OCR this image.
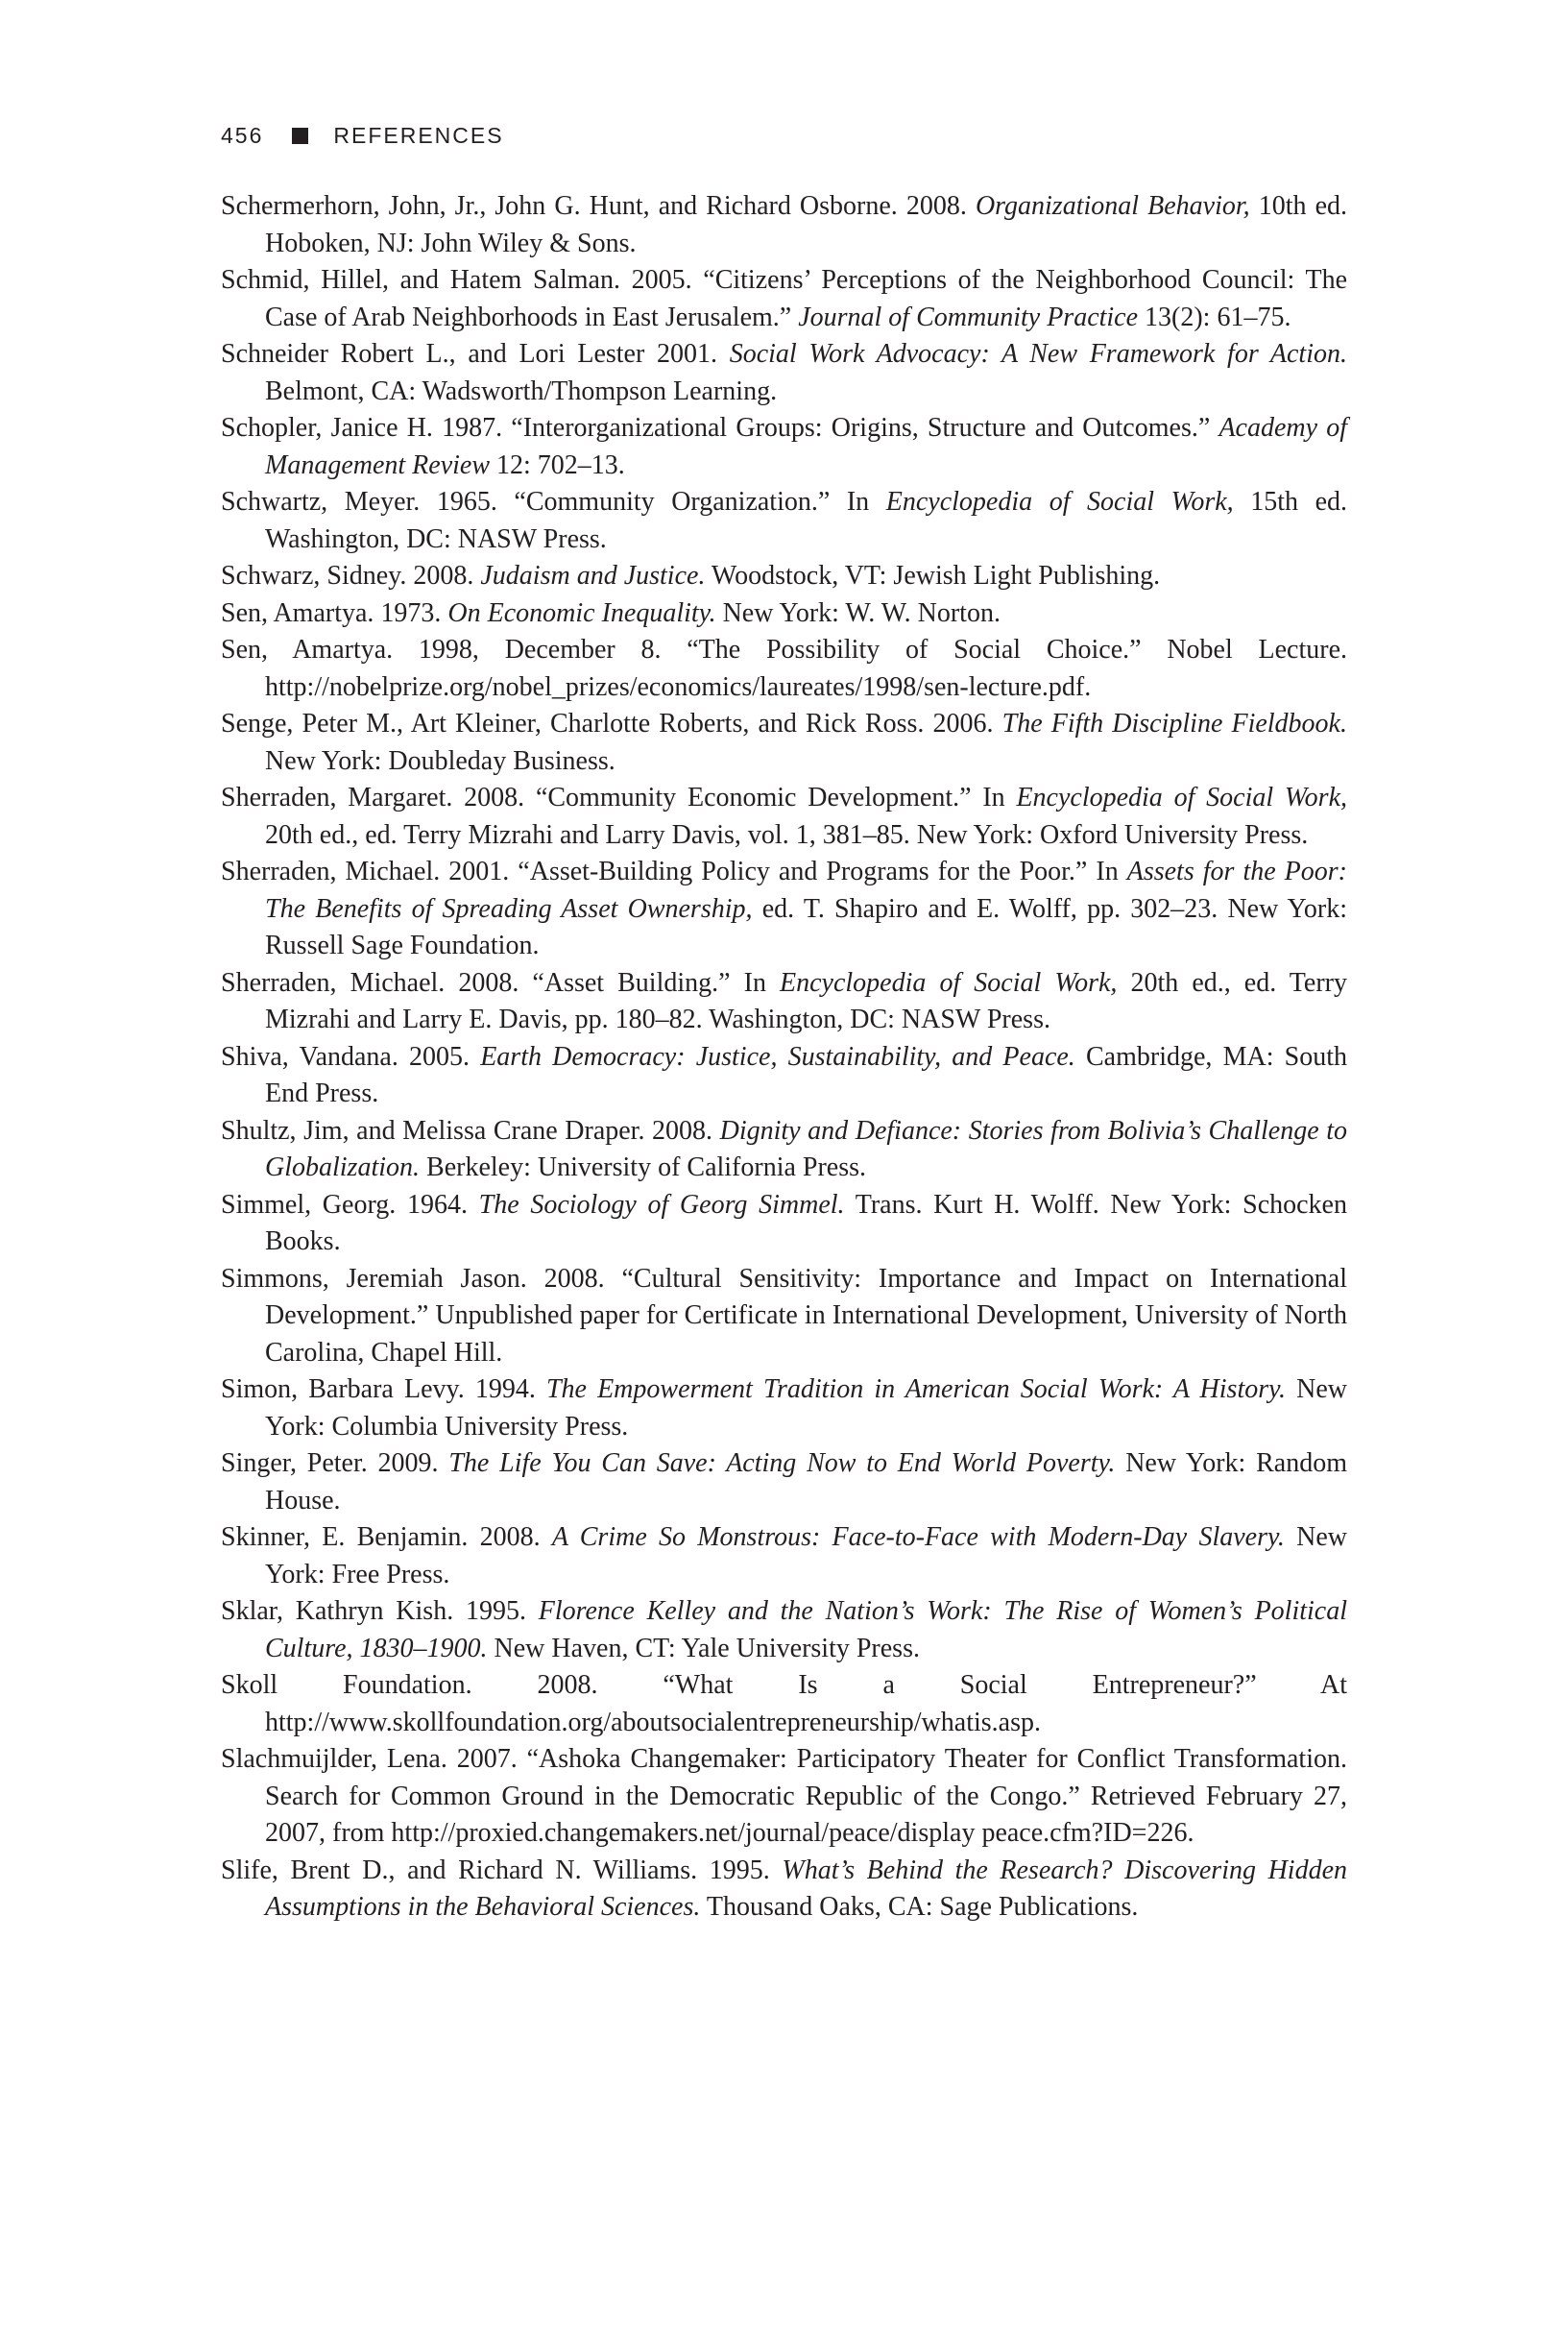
456	REFERENCES

Schermerhorn, John, Jr., John G. Hunt, and Richard Osborne. 2008. Organizational Behavior, 10th ed. Hoboken, NJ: John Wiley & Sons.

Schmid, Hillel, and Hatem Salman. 2005. “Citizens’ Perceptions of the Neighborhood Council: The Case of Arab Neighborhoods in East Jerusalem.” Journal of Community Practice 13(2): 61–75.

Schneider Robert L., and Lori Lester 2001. Social Work Advocacy: A New Framework for Action. Belmont, CA: Wadsworth/Thompson Learning.

Schopler, Janice H. 1987. “Interorganizational Groups: Origins, Structure and Outcomes.” Academy of Management Review 12: 702–13.

Schwartz, Meyer. 1965. “Community Organization.” In Encyclopedia of Social Work, 15th ed. Washington, DC: NASW Press.

Schwarz, Sidney. 2008. Judaism and Justice. Woodstock, VT: Jewish Light Publishing.

Sen, Amartya. 1973. On Economic Inequality. New York: W. W. Norton.

Sen, Amartya. 1998, December 8. “The Possibility of Social Choice.” Nobel Lecture. http://nobelprize.org/nobel_prizes/economics/laureates/1998/sen-lecture.pdf.

Senge, Peter M., Art Kleiner, Charlotte Roberts, and Rick Ross. 2006. The Fifth Discipline Fieldbook. New York: Doubleday Business.

Sherraden, Margaret. 2008. “Community Economic Development.” In Encyclopedia of Social Work, 20th ed., ed. Terry Mizrahi and Larry Davis, vol. 1, 381–85. New York: Oxford University Press.

Sherraden, Michael. 2001. “Asset-Building Policy and Programs for the Poor.” In Assets for the Poor: The Benefits of Spreading Asset Ownership, ed. T. Shapiro and E. Wolff, pp. 302–23. New York: Russell Sage Foundation.

Sherraden, Michael. 2008. “Asset Building.” In Encyclopedia of Social Work, 20th ed., ed. Terry Mizrahi and Larry E. Davis, pp. 180–82. Washington, DC: NASW Press.

Shiva, Vandana. 2005. Earth Democracy: Justice, Sustainability, and Peace. Cambridge, MA: South End Press.

Shultz, Jim, and Melissa Crane Draper. 2008. Dignity and Defiance: Stories from Bolivia’s Challenge to Globalization. Berkeley: University of California Press.

Simmel, Georg. 1964. The Sociology of Georg Simmel. Trans. Kurt H. Wolff. New York: Schocken Books.

Simmons, Jeremiah Jason. 2008. “Cultural Sensitivity: Importance and Impact on International Development.” Unpublished paper for Certificate in International Development, University of North Carolina, Chapel Hill.

Simon, Barbara Levy. 1994. The Empowerment Tradition in American Social Work: A History. New York: Columbia University Press.

Singer, Peter. 2009. The Life You Can Save: Acting Now to End World Poverty. New York: Random House.

Skinner, E. Benjamin. 2008. A Crime So Monstrous: Face-to-Face with Modern-Day Slavery. New York: Free Press.

Sklar, Kathryn Kish. 1995. Florence Kelley and the Nation’s Work: The Rise of Women’s Political Culture, 1830–1900. New Haven, CT: Yale University Press.

Skoll Foundation. 2008. “What Is a Social Entrepreneur?” At http://www.skollfoundation.org/aboutsocialentrepreneurship/whatis.asp.

Slachmuijlder, Lena. 2007. “Ashoka Changemaker: Participatory Theater for Conflict Transformation. Search for Common Ground in the Democratic Republic of the Congo.” Retrieved February 27, 2007, from http://proxied.changemakers.net/journal/peace/display peace.cfm?ID=226.

Slife, Brent D., and Richard N. Williams. 1995. What’s Behind the Research? Discovering Hidden Assumptions in the Behavioral Sciences. Thousand Oaks, CA: Sage Publications.
